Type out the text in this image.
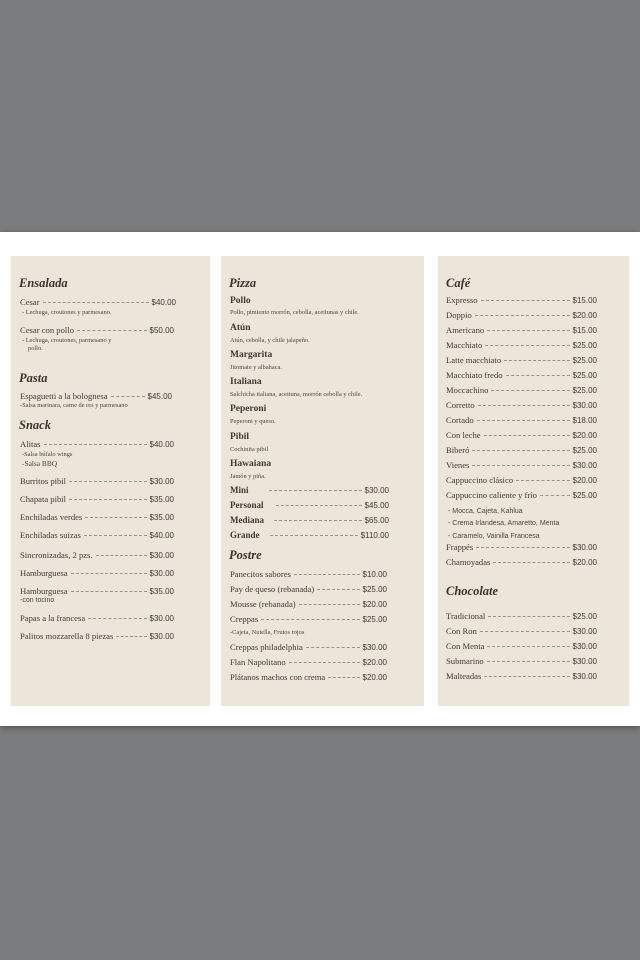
Ensalada
Cesar	$40.00
- Lechuga, croutones y parmesano.
Cesar con pollo	$50.00
- Lechuga, croutones, parmesano y
pollo.
Pasta
Espaguetti a la bolognesa	$45.00
-Salsa marinara, carne de res y parmesano
Snack
Alitas	$40.00
-Salsa búfalo wings
-Salsa BBQ
Burritos pibil	$30.00
Chapata pibil	$35.00
Enchiladas verdes	$35.00
Enchiladas suizas	$40.00
Sincronizadas, 2 pzs.	$30.00
Hamburguesa	$30.00
Hamburguesa	$35.00
-con tocino
Papas a la francesa	$30.00
Palitos mozzarella 8 piezas	$30.00
Pizza
Pollo
Pollo, pimiento morrón, cebolla, aceitunas y chile.
Atún
Atún, cebolla, y chile jalapeño.
Margarita
Jitomate y albahaca.
Italiana
Salchicha italiana, aceituna, morrón cebolla y chile.
Peperoni
Peperoni y queso.
Pibil
Cochinita pibil
Hawaiana
Jamón y piña.
Mini	$30.00
Personal	$45.00
Mediana	$65.00
Grande	$110.00
Postre
Panecitos sabores	$10.00
Pay de queso (rebanada)	$25.00
Mousse (rebanada)	$20.00
Creppas	$25.00
-Cajeta, Nutella, Frutos rojos
Creppas philadelphia	$30.00
Flan Napolitano	$20.00
Plátanos machos con crema	$20.00
Café
Expresso	$15.00
Doppio	$20.00
Americano	$15.00
Macchiato	$25.00
Latte macchiato	$25.00
Macchiato fredo	$25.00
Moccachino	$25.00
Corretto	$30.00
Cortado	$18.00
Con leche	$20.00
Biberó	$25.00
Vienes	$30.00
Cappuccino clásico	$20.00
Cappuccino caliente y frío	$25.00
- Mocca, Cajeta, Kahlua
- Crema Irlandesa, Amaretto, Menta
- Caramelo, Vainilla Francesa
Frappés	$30.00
Chamoyadas	$20.00
Chocolate
Tradicional	$25.00
Con Ron	$30.00
Con Menta	$30.00
Submarino	$30.00
Malteadas	$30.00
